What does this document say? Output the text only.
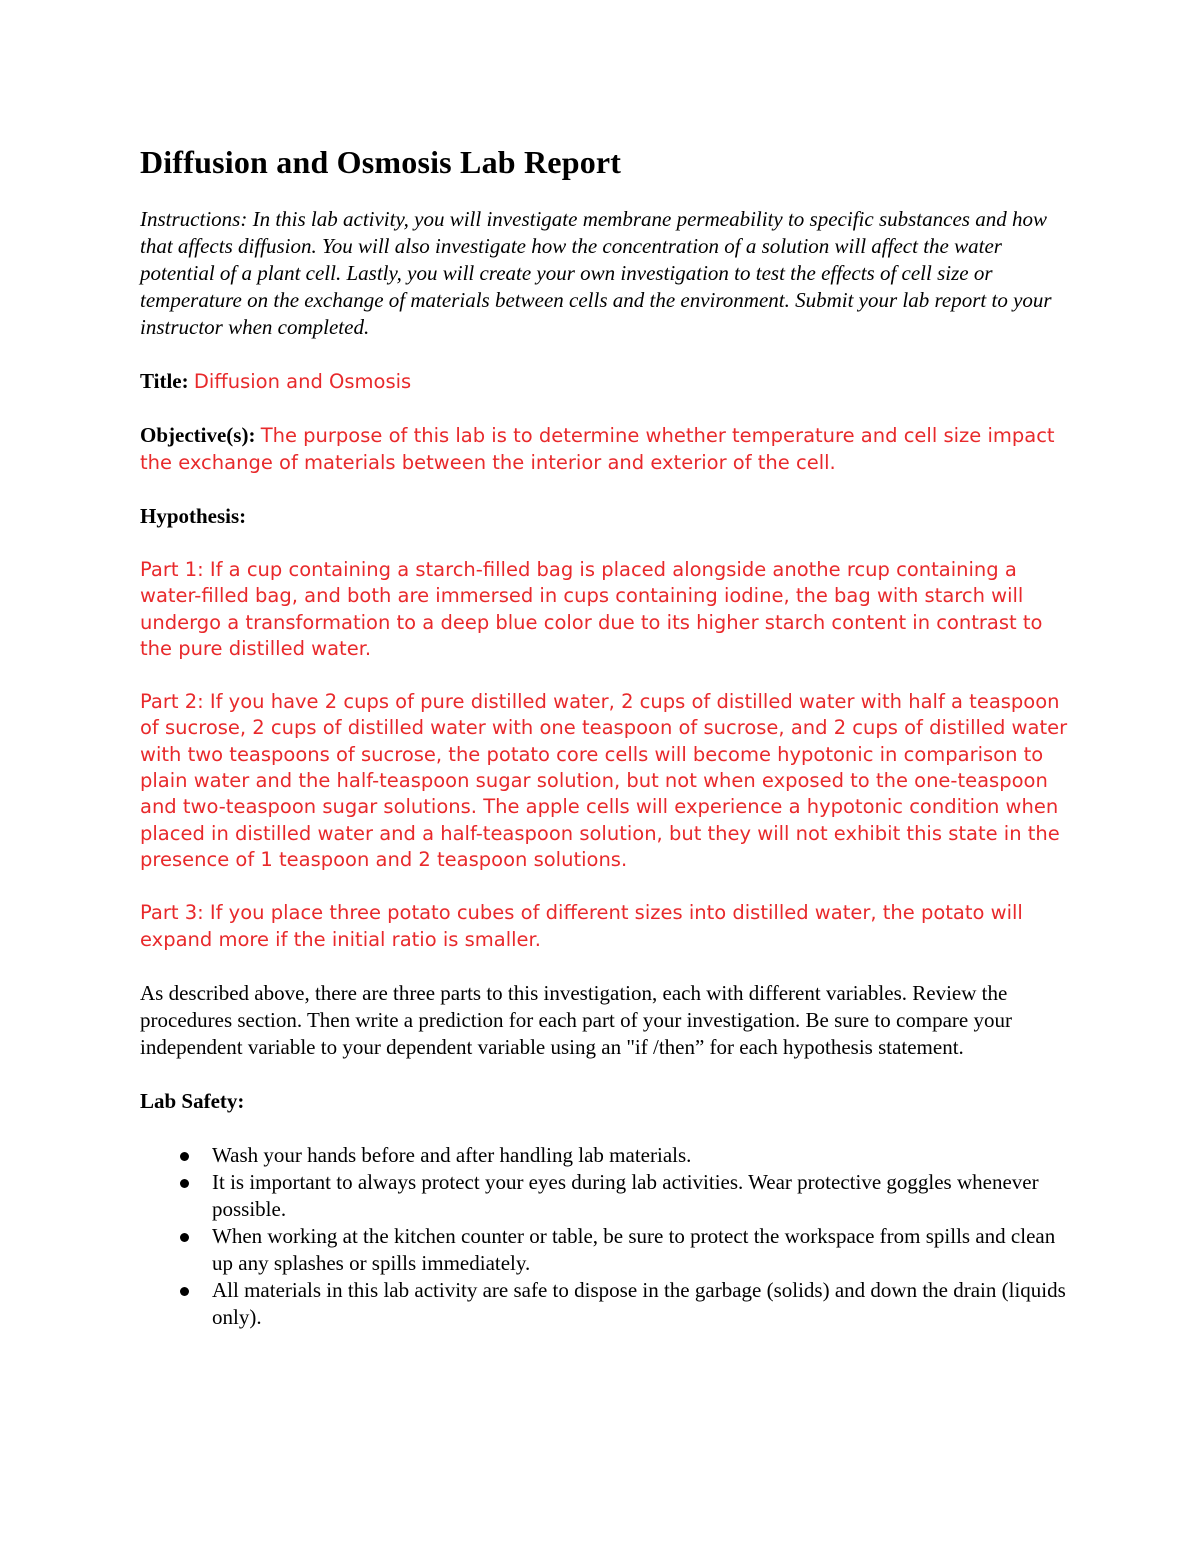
Diffusion and Osmosis Lab Report

Instructions: In this lab activity, you will investigate membrane permeability to specific substances and how that affects diffusion. You will also investigate how the concentration of a solution will affect the water potential of a plant cell. Lastly, you will create your own investigation to test the effects of cell size or temperature on the exchange of materials between cells and the environment. Submit your lab report to your instructor when completed.

Title: Diffusion and Osmosis

Objective(s): The purpose of this lab is to determine whether temperature and cell size impact the exchange of materials between the interior and exterior of the cell.

Hypothesis:

Part 1: If a cup containing a starch-filled bag is placed alongside anothe rcup containing a water-filled bag, and both are immersed in cups containing iodine, the bag with starch will undergo a transformation to a deep blue color due to its higher starch content in contrast to the pure distilled water.

Part 2: If you have 2 cups of pure distilled water, 2 cups of distilled water with half a teaspoon of sucrose, 2 cups of distilled water with one teaspoon of sucrose, and 2 cups of distilled water with two teaspoons of sucrose, the potato core cells will become hypotonic in comparison to plain water and the half-teaspoon sugar solution, but not when exposed to the one-teaspoon and two-teaspoon sugar solutions. The apple cells will experience a hypotonic condition when placed in distilled water and a half-teaspoon solution, but they will not exhibit this state in the presence of 1 teaspoon and 2 teaspoon solutions.

Part 3: If you place three potato cubes of different sizes into distilled water, the potato will expand more if the initial ratio is smaller.

As described above, there are three parts to this investigation, each with different variables. Review the procedures section. Then write a prediction for each part of your investigation. Be sure to compare your independent variable to your dependent variable using an "if /then” for each hypothesis statement.

Lab Safety:

Wash your hands before and after handling lab materials.
It is important to always protect your eyes during lab activities. Wear protective goggles whenever possible.
When working at the kitchen counter or table, be sure to protect the workspace from spills and clean up any splashes or spills immediately.
All materials in this lab activity are safe to dispose in the garbage (solids) and down the drain (liquids only).
